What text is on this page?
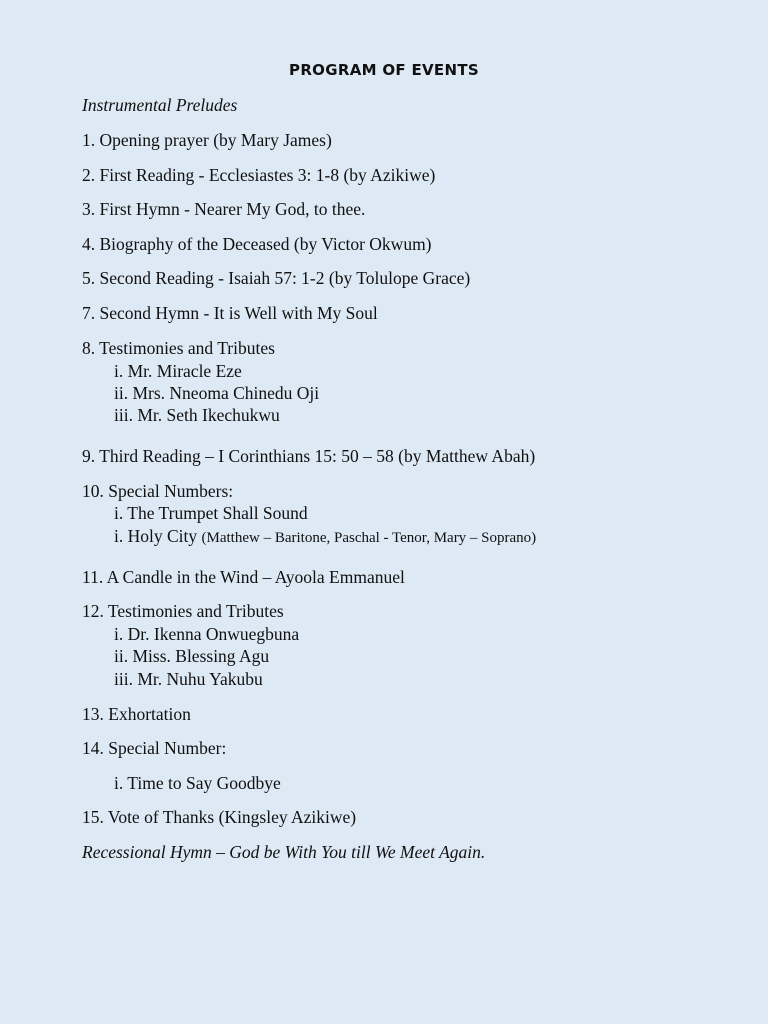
PROGRAM OF EVENTS
Instrumental Preludes
1. Opening prayer (by Mary James)
2. First Reading - Ecclesiastes 3: 1-8 (by Azikiwe)
3. First Hymn - Nearer My God, to thee.
4. Biography of the Deceased (by Victor Okwum)
5. Second Reading - Isaiah 57: 1-2 (by Tolulope Grace)
7. Second Hymn - It is Well with My Soul
8. Testimonies and Tributes
i. Mr. Miracle Eze
ii. Mrs. Nneoma Chinedu Oji
iii. Mr. Seth Ikechukwu
9. Third Reading – I Corinthians 15: 50 – 58 (by Matthew Abah)
10. Special Numbers:
i. The Trumpet Shall Sound
i. Holy City (Matthew – Baritone, Paschal - Tenor, Mary – Soprano)
11. A Candle in the Wind – Ayoola Emmanuel
12. Testimonies and Tributes
i. Dr. Ikenna Onwuegbuna
ii. Miss. Blessing Agu
iii. Mr. Nuhu Yakubu
13. Exhortation
14. Special Number:
i. Time to Say Goodbye
15. Vote of Thanks (Kingsley Azikiwe)
Recessional Hymn – God be With You till We Meet Again.
